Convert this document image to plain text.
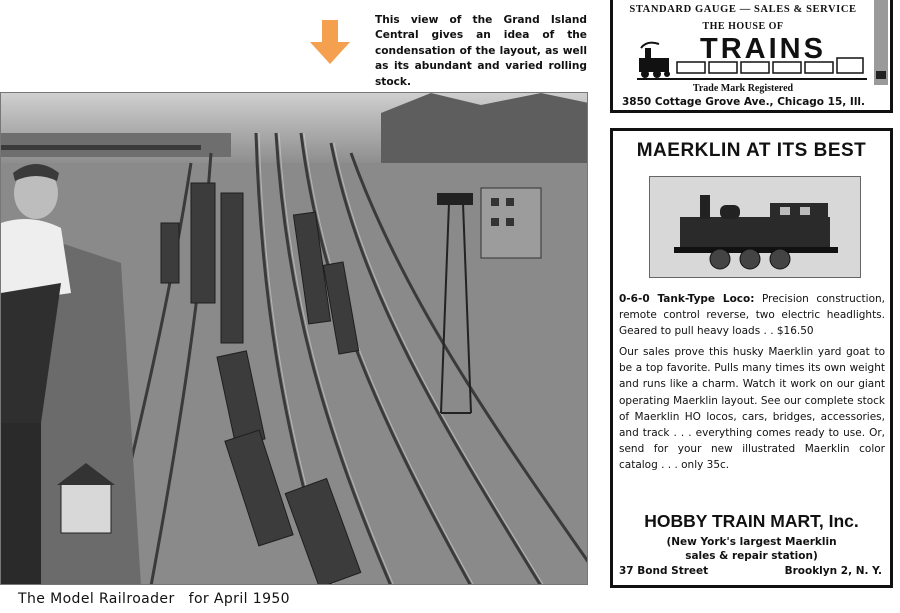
This view of the Grand Island Central gives an idea of the condensation of the layout, as well as its abundant and varied rolling stock.
The Model Railroader for April 1950
STANDARD GAUGE — SALES & SERVICE
THE HOUSE OF
TRAINS
Trade Mark Registered
3850 Cottage Grove Ave., Chicago 15, Ill.
MAERKLIN AT ITS BEST
0-6-0 Tank-Type Loco: Precision construction, remote control reverse, two electric headlights. Geared to pull heavy loads . . $16.50
Our sales prove this husky Maerklin yard goat to be a top favorite. Pulls many times its own weight and runs like a charm. Watch it work on our giant operating Maerklin layout. See our complete stock of Maerklin HO locos, cars, bridges, accessories, and track . . . everything comes ready to use. Or, send for your new illustrated Maerklin color catalog . . . only 35c.
HOBBY TRAIN MART, Inc.
(New York's largest Maerklin
sales & repair station)
37 Bond Street	Brooklyn 2, N. Y.
